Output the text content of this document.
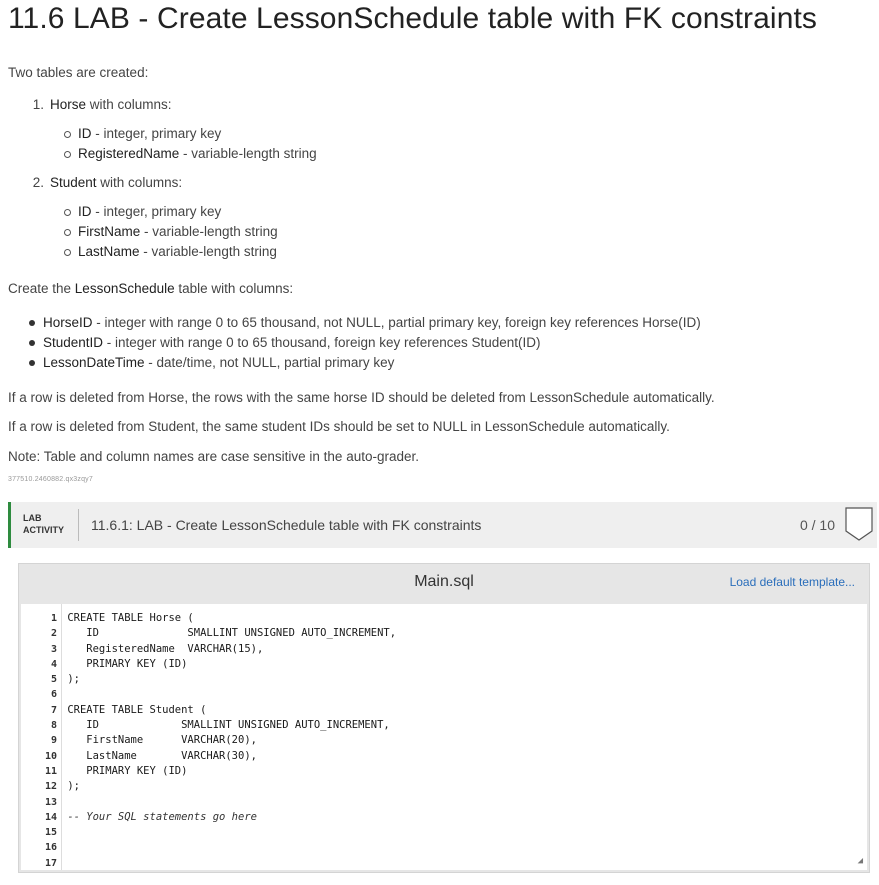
11.6 LAB - Create LessonSchedule table with FK constraints
Two tables are created:
1. Horse with columns:
ID - integer, primary key
RegisteredName - variable-length string
2. Student with columns:
ID - integer, primary key
FirstName - variable-length string
LastName - variable-length string
Create the LessonSchedule table with columns:
HorseID - integer with range 0 to 65 thousand, not NULL, partial primary key, foreign key references Horse(ID)
StudentID - integer with range 0 to 65 thousand, foreign key references Student(ID)
LessonDateTime - date/time, not NULL, partial primary key
If a row is deleted from Horse, the rows with the same horse ID should be deleted from LessonSchedule automatically.
If a row is deleted from Student, the same student IDs should be set to NULL in LessonSchedule automatically.
Note: Table and column names are case sensitive in the auto-grader.
377510.2460882.qx3zqy7
LAB
ACTIVITY 11.6.1: LAB - Create LessonSchedule table with FK constraints	0 / 10
Main.sql	Load default template...
1
2
3
4
5
6
7
8
9
10
11
12
13
14
15
16
17
CREATE TABLE Horse (
ID              SMALLINT UNSIGNED AUTO_INCREMENT,
RegisteredName  VARCHAR(15),
PRIMARY KEY (ID)
);

CREATE TABLE Student (
ID             SMALLINT UNSIGNED AUTO_INCREMENT,
FirstName      VARCHAR(20),
LastName       VARCHAR(30),
PRIMARY KEY (ID)
);

-- Your SQL statements go here

◢
